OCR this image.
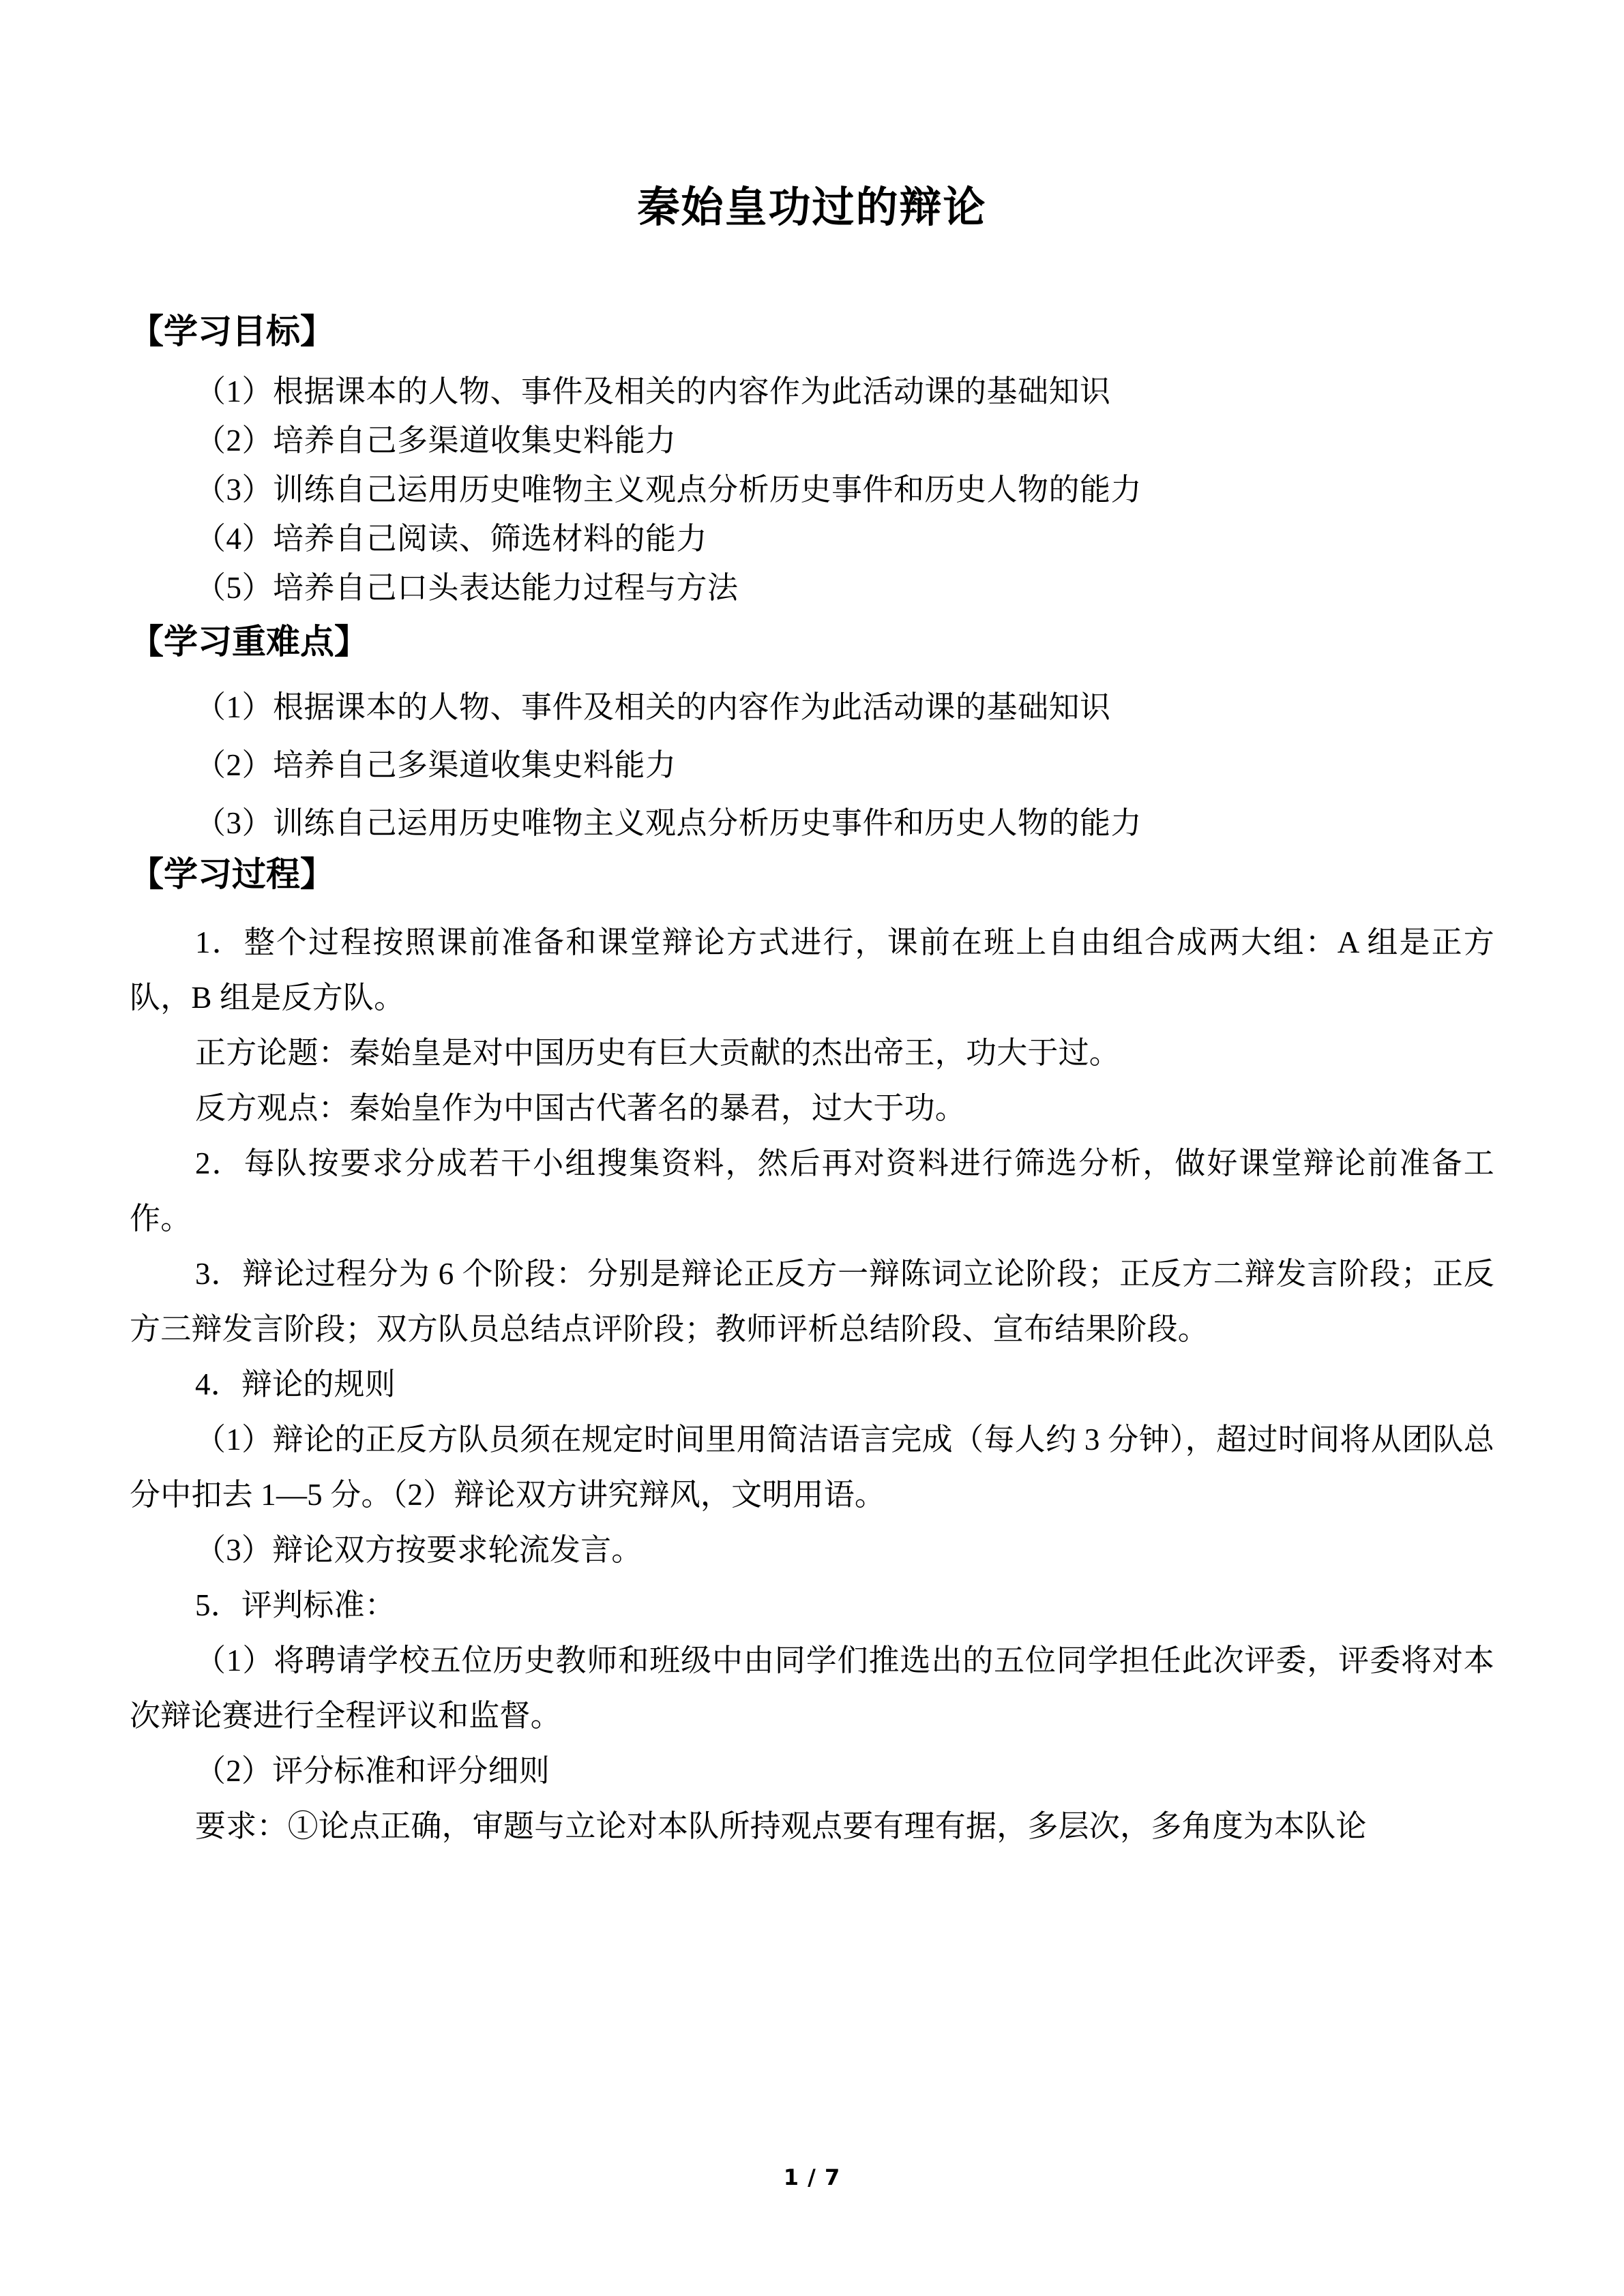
秦始皇功过的辩论
【学习目标】
（1）根据课本的人物、事件及相关的内容作为此活动课的基础知识
（2）培养自己多渠道收集史料能力
（3）训练自己运用历史唯物主义观点分析历史事件和历史人物的能力
（4）培养自己阅读、筛选材料的能力
（5）培养自己口头表达能力过程与方法
【学习重难点】
（1）根据课本的人物、事件及相关的内容作为此活动课的基础知识
（2）培养自己多渠道收集史料能力
（3）训练自己运用历史唯物主义观点分析历史事件和历史人物的能力
【学习过程】

1．整个过程按照课前准备和课堂辩论方式进行，课前在班上自由组合成两大组：A 组是正方队，B 组是反方队。

正方论题：秦始皇是对中国历史有巨大贡献的杰出帝王，功大于过。

反方观点：秦始皇作为中国古代著名的暴君，过大于功。

2．每队按要求分成若干小组搜集资料，然后再对资料进行筛选分析，做好课堂辩论前准备工作。

3．辩论过程分为 6 个阶段：分别是辩论正反方一辩陈词立论阶段；正反方二辩发言阶段；正反方三辩发言阶段；双方队员总结点评阶段；教师评析总结阶段、宣布结果阶段。

4．辩论的规则

（1）辩论的正反方队员须在规定时间里用简洁语言完成（每人约 3 分钟），超过时间将从团队总分中扣去 1—5 分。（2）辩论双方讲究辩风，文明用语。

（3）辩论双方按要求轮流发言。

5．评判标准：

（1）将聘请学校五位历史教师和班级中由同学们推选出的五位同学担任此次评委，评委将对本次辩论赛进行全程评议和监督。

（2）评分标准和评分细则

要求：①论点正确，审题与立论对本队所持观点要有理有据，多层次，多角度为本队论

1 / 7
